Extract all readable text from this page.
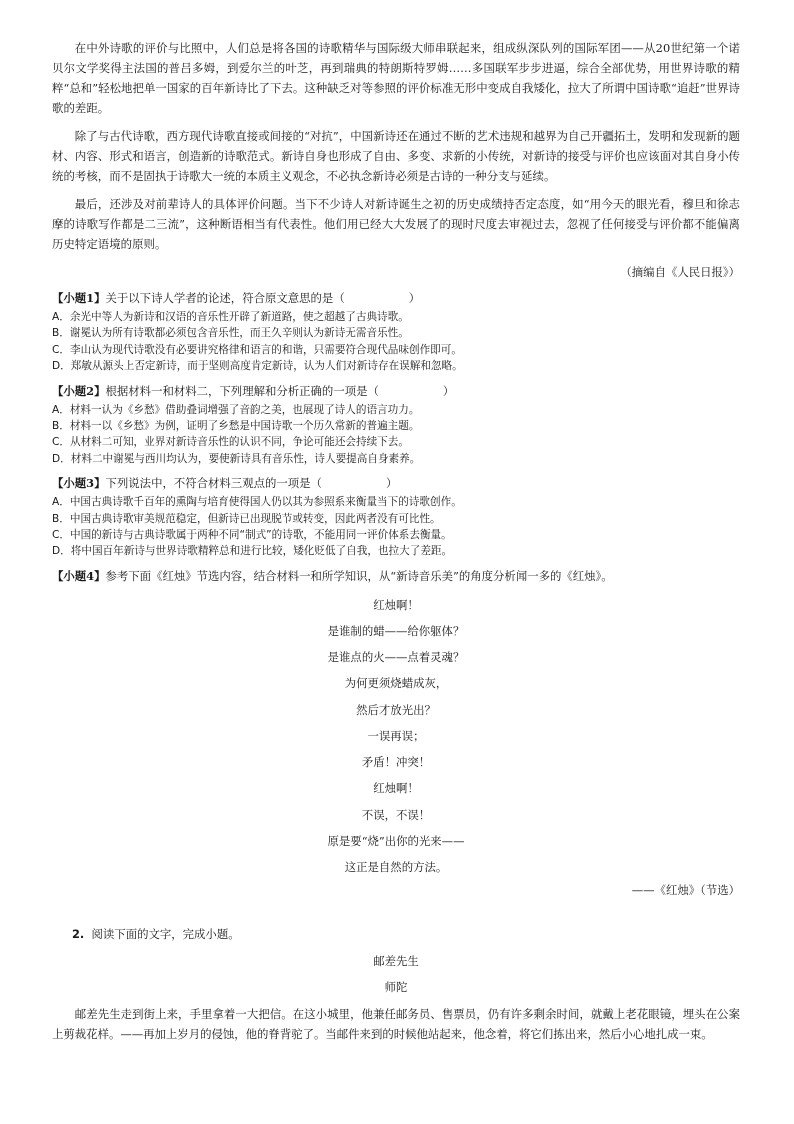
在中外诗歌的评价与比照中，人们总是将各国的诗歌精华与国际级大师串联起来，组成纵深队列的国际军团——从20世纪第一个诺贝尔文学奖得主法国的普吕多姆，到爱尔兰的叶芝，再到瑞典的特朗斯特罗姆……多国联军步步进逼，综合全部优势，用世界诗歌的精粹“总和”轻松地把单一国家的百年新诗比了下去。这种缺乏对等参照的评价标准无形中变成自我矮化，拉大了所谓中国诗歌“追赶”世界诗歌的差距。

除了与古代诗歌，西方现代诗歌直接或间接的“对抗”，中国新诗还在通过不断的艺术违规和越界为自己开疆拓土，发明和发现新的题材、内容、形式和语言，创造新的诗歌范式。新诗自身也形成了自由、多变、求新的小传统，对新诗的接受与评价也应该面对其自身小传统的考核，而不是固执于诗歌大一统的本质主义观念，不必执念新诗必须是古诗的一种分支与延续。

最后，还涉及对前辈诗人的具体评价问题。当下不少诗人对新诗诞生之初的历史成绩持否定态度，如“用今天的眼光看，穆旦和徐志摩的诗歌写作都是二三流”，这种断语相当有代表性。他们用已经大大发展了的现时尺度去审视过去，忽视了任何接受与评价都不能偏离历史特定语境的原则。

（摘编自《人民日报》）

【小题1】关于以下诗人学者的论述，符合原文意思的是（	）

A．余光中等人为新诗和汉语的音乐性开辟了新道路，使之超越了古典诗歌。
B．谢冕认为所有诗歌都必须包含音乐性，而王久辛则认为新诗无需音乐性。
C．李山认为现代诗歌没有必要讲究格律和语言的和谐，只需要符合现代品味创作即可。
D．郑敏从源头上否定新诗，而于坚则高度肯定新诗，认为人们对新诗存在误解和忽略。

【小题2】根据材料一和材料二，下列理解和分析正确的一项是（	）

A．材料一认为《乡愁》借助叠词增强了音韵之美，也展现了诗人的语言功力。
B．材料一以《乡愁》为例，证明了乡愁是中国诗歌一个历久常新的普遍主题。
C．从材料二可知，业界对新诗音乐性的认识不同，争论可能还会持续下去。
D．材料二中谢冕与西川均认为，要使新诗具有音乐性，诗人要提高自身素养。

【小题3】下列说法中，不符合材料三观点的一项是（	）

A．中国古典诗歌千百年的熏陶与培育使得国人仍以其为参照系来衡量当下的诗歌创作。
B．中国古典诗歌审美规范稳定，但新诗已出现脱节或转变，因此两者没有可比性。
C．中国的新诗与古典诗歌属于两种不同“制式”的诗歌，不能用同一评价体系去衡量。
D．将中国百年新诗与世界诗歌精粹总和进行比较，矮化贬低了自我，也拉大了差距。

【小题4】参考下面《红烛》节选内容，结合材料一和所学知识，从“新诗音乐美”的角度分析闻一多的《红烛》。

红烛啊！

是谁制的蜡——给你躯体？

是谁点的火——点着灵魂？

为何更须烧蜡成灰，

然后才放光出？

一误再误；

矛盾！冲突！

红烛啊！

不误，不误！

原是要“烧”出你的光来——

这正是自然的方法。

——《红烛》（节选）

2. 阅读下面的文字，完成小题。

邮差先生

师陀

邮差先生走到街上来，手里拿着一大把信。在这小城里，他兼任邮务员、售票员，仍有许多剩余时间，就戴上老花眼镜，埋头在公案上剪裁花样。——再加上岁月的侵蚀，他的脊背驼了。当邮件来到的时候他站起来，他念着，将它们拣出来，然后小心地扎成一束。
